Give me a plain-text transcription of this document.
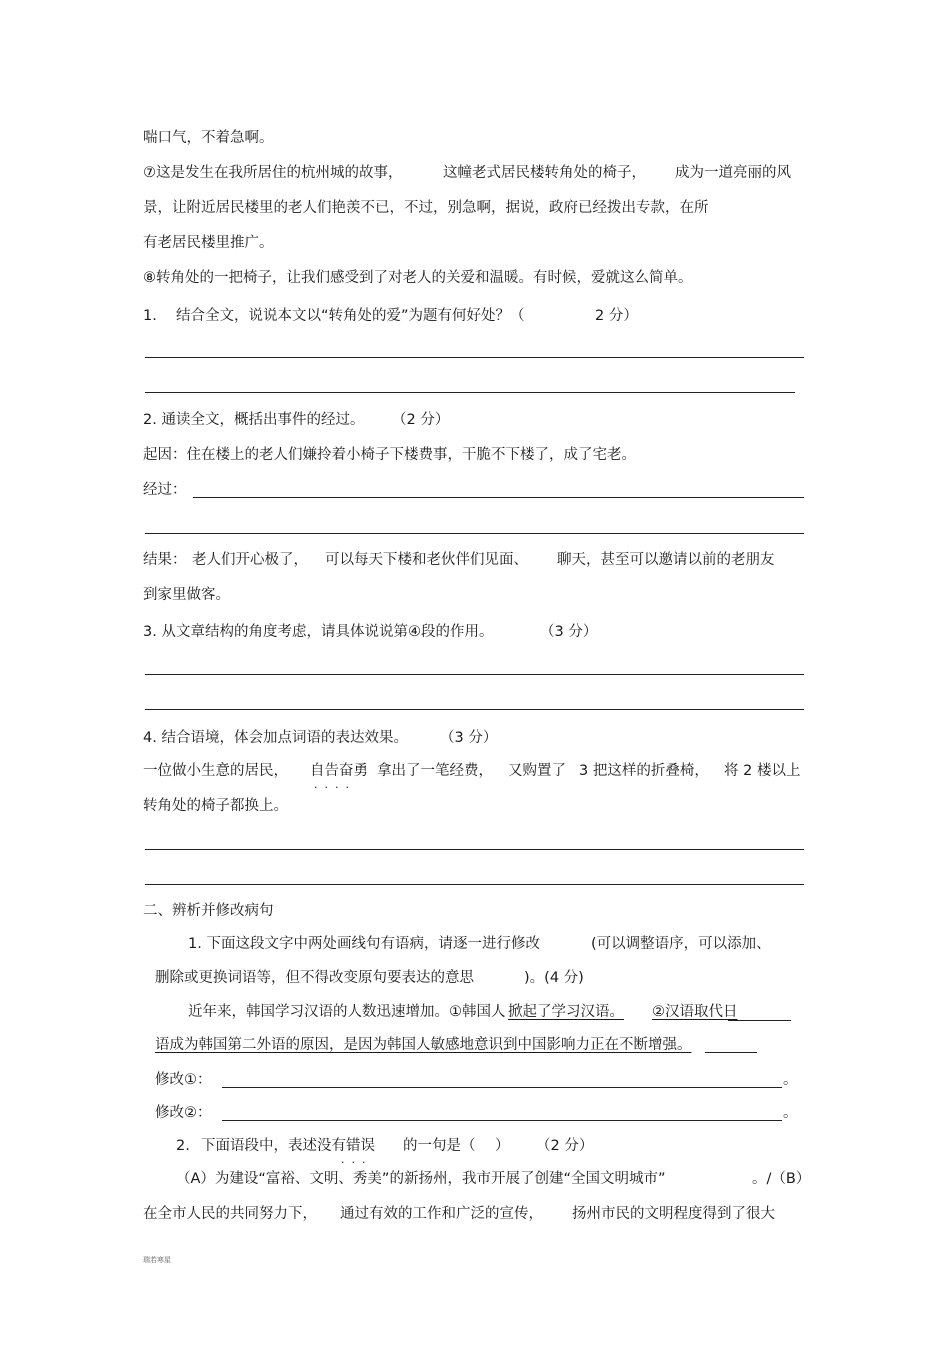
喘口气，不着急啊。
⑦这是发生在我所居住的杭州城的故事，	这幢老式居民楼转角处的椅子， 成为一道亮丽的风
景，让附近居民楼里的老人们艳羡不已，不过，别急啊，据说，政府已经拨出专款，在所
有老居民楼里推广。
⑧转角处的一把椅子，让我们感受到了对老人的关爱和温暖。有时候，爱就这么简单。
1. 结合全文，说说本文以“转角处的爱”为题有何好处？（	2 分）
2. 通读全文，概括出事件的经过。 （2 分）
起因：住在楼上的老人们嫌拎着小椅子下楼费事，干脆不下楼了，成了宅老。
经过：
结果： 老人们开心极了， 可以每天下楼和老伙伴们见面、 聊天，甚至可以邀请以前的老朋友
到家里做客。
3. 从文章结构的角度考虑，请具体说说第④段的作用。	（3 分）
4. 结合语境，体会加点词语的表达效果。 （3 分）
一位做小生意的居民， 自告奋勇
····
拿出了一笔经费， 又购置了 3 把这样的折叠椅， 将 2 楼以上
转角处的椅子都换上。
二、辨析并修改病句
1. 下面这段文字中两处画线句有语病，请逐一进行修改	(可以调整语序，可以添加、
删除或更换词语等，但不得改变原句要表达的意思	)。(4 分)
近年来，韩国学习汉语的人数迅速增加。①韩国人 掀起了学习汉语。 ②汉语取代日
语成为韩国第二外语的原因，是因为韩国人敏感地意识到中国影响力正在不断增强。
修改①：	。
修改②：	。
2. 下面语段中，表述没有错误
···
的一句是（ ） （2 分）
（A）为建设“富裕、文明、秀美”的新扬州，我市开展了创建“全国文明城市”	。/（B）
在全市人民的共同努力下， 通过有效的工作和广泛的宣传， 扬州市民的文明程度得到了很大
瑞若寒星
